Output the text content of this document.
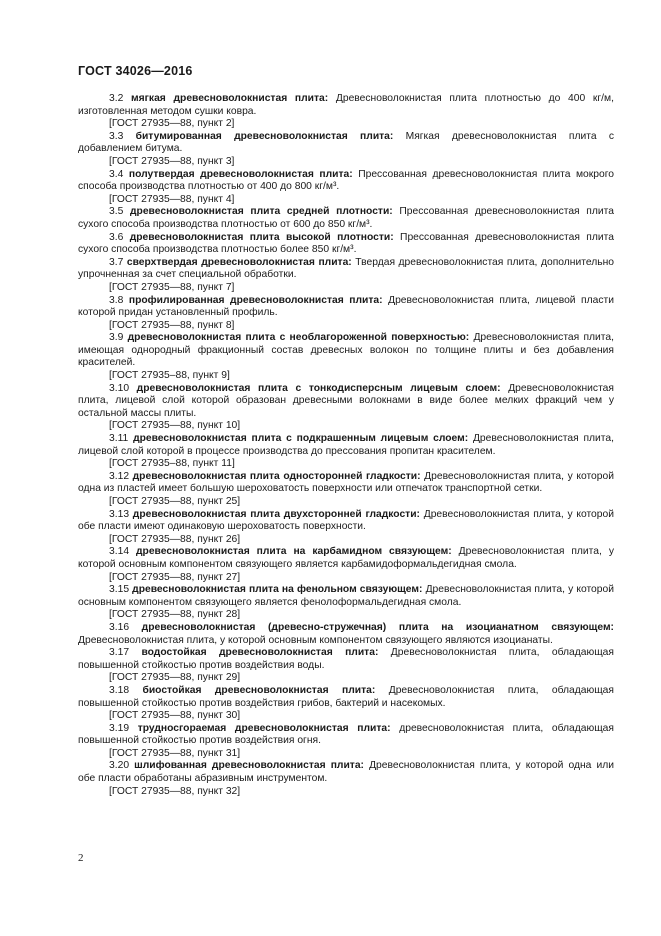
ГОСТ 34026—2016

3.2 мягкая древесноволокнистая плита: Древесноволокнистая плита плотностью до 400 кг/м, изготовленная методом сушки ковра.

[ГОСТ 27935—88, пункт 2]

3.3 битумированная древесноволокнистая плита: Мягкая древесноволокнистая плита с добавлением битума.

[ГОСТ 27935—88, пункт 3]

3.4 полутвердая древесноволокнистая плита: Прессованная древесноволокнистая плита мокрого способа производства плотностью от 400 до 800 кг/м³.

[ГОСТ 27935—88, пункт 4]

3.5 древесноволокнистая плита средней плотности: Прессованная древесноволокнистая плита сухого способа производства плотностью от 600 до 850 кг/м³.

3.6 древесноволокнистая плита высокой плотности: Прессованная древесноволокнистая плита сухого способа производства плотностью более 850 кг/м³.

3.7 сверхтвердая древесноволокнистая плита: Твердая древесноволокнистая плита, дополнительно упрочненная за счет специальной обработки.

[ГОСТ 27935—88, пункт 7]

3.8 профилированная древесноволокнистая плита: Древесноволокнистая плита, лицевой пласти которой придан установленный профиль.

[ГОСТ 27935—88, пункт 8]

3.9 древесноволокнистая плита с необлагороженной поверхностью: Древесноволокнистая плита, имеющая однородный фракционный состав древесных волокон по толщине плиты и без добавления красителей.

[ГОСТ 27935–88, пункт 9]

3.10 древесноволокнистая плита с тонкодисперсным лицевым слоем: Древесноволокнистая плита, лицевой слой которой образован древесными волокнами в виде более мелких фракций чем у остальной массы плиты.

[ГОСТ 27935—88, пункт 10]

3.11 древесноволокнистая плита с подкрашенным лицевым слоем: Древесноволокнистая плита, лицевой слой которой в процессе производства до прессования пропитан красителем.

[ГОСТ 27935–88, пункт 11]

3.12 древесноволокнистая плита односторонней гладкости: Древесноволокнистая плита, у которой одна из пластей имеет большую шероховатость поверхности или отпечаток транспортной сетки.

[ГОСТ 27935—88, пункт 25]

3.13 древесноволокнистая плита двухсторонней гладкости: Древесноволокнистая плита, у которой обе пласти имеют одинаковую шероховатость поверхности.

[ГОСТ 27935—88, пункт 26]

3.14 древесноволокнистая плита на карбамидном связующем: Древесноволокнистая плита, у которой основным компонентом связующего является карбамидоформальдегидная смола.

[ГОСТ 27935—88, пункт 27]

3.15 древесноволокнистая плита на фенольном связующем: Древесноволокнистая плита, у которой основным компонентом связующего является фенолоформальдегидная смола.

[ГОСТ 27935—88, пункт 28]

3.16 древесноволокнистая (древесно-стружечная) плита на изоцианатном связующем: Древесноволокнистая плита, у которой основным компонентом связующего являются изоцианаты.

3.17 водостойкая древесноволокнистая плита: Древесноволокнистая плита, обладающая повышенной стойкостью против воздействия воды.

[ГОСТ 27935—88, пункт 29]

3.18 биостойкая древесноволокнистая плита: Древесноволокнистая плита, обладающая повышенной стойкостью против воздействия грибов, бактерий и насекомых.

[ГОСТ 27935—88, пункт 30]

3.19 трудносгораемая древесноволокнистая плита: древесноволокнистая плита, обладающая повышенной стойкостью против воздействия огня.

[ГОСТ 27935—88, пункт 31]

3.20 шлифованная древесноволокнистая плита: Древесноволокнистая плита, у которой одна или обе пласти обработаны абразивным инструментом.

[ГОСТ 27935—88, пункт 32]
2
